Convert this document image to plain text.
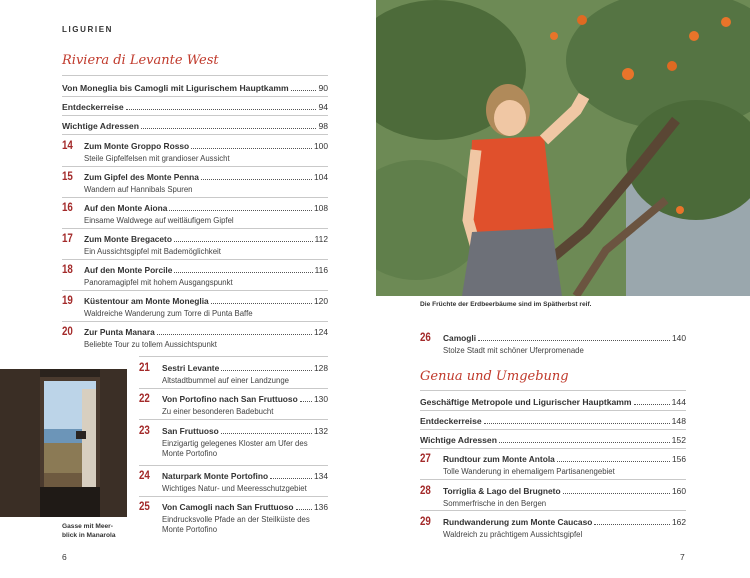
LIGURIEN
Riviera di Levante West
Von Moneglia bis Camogli mit Ligurischem Hauptkamm	90
Entdeckerreise	94
Wichtige Adressen	98
14 Zum Monte Groppo Rosso	100
Steile Gipfelfelsen mit grandioser Aussicht
15 Zum Gipfel des Monte Penna	104
Wandern auf Hannibals Spuren
16 Auf den Monte Aiona	108
Einsame Waldwege auf weitläufigem Gipfel
17 Zum Monte Bregaceto	112
Ein Aussichtsgipfel mit Bademöglichkeit
18 Auf den Monte Porcile	116
Panoramagipfel mit hohem Ausgangspunkt
19 Küstentour am Monte Moneglia	120
Waldreiche Wanderung zum Torre di Punta Baffe
20 Zur Punta Manara	124
Beliebte Tour zu tollem Aussichtspunkt
Gasse mit Meer-
blick in Manarola
21 Sestri Levante	128
Altstadtbummel auf einer Landzunge
22 Von Portofino nach San Fruttuoso 130
Zu einer besonderen Badebucht
23 San Fruttuoso	132
Einzigartig gelegenes Kloster am Ufer des
Monte Portofino
24 Naturpark Monte Portofino	134
Wichtiges Natur- und Meeresschutzgebiet
25 Von Camogli nach San Fruttuoso 136
Eindrucksvolle Pfade an der Steilküste des
Monte Portofino
6
Die Früchte der Erdbeerbäume sind im Spätherbst reif.
26 Camogli	140
Stolze Stadt mit schöner Uferpromenade
Genua und Umgebung
Geschäftige Metropole und Ligurischer Hauptkamm	144
Entdeckerreise	148
Wichtige Adressen	152
27 Rundtour zum Monte Antola	156
Tolle Wanderung in ehemaligem Partisanengebiet
28 Torriglia & Lago del Brugneto	160
Sommerfrische in den Bergen
29 Rundwanderung zum Monte Caucaso	162
Waldreich zu prächtigem Aussichtsgipfel
7
